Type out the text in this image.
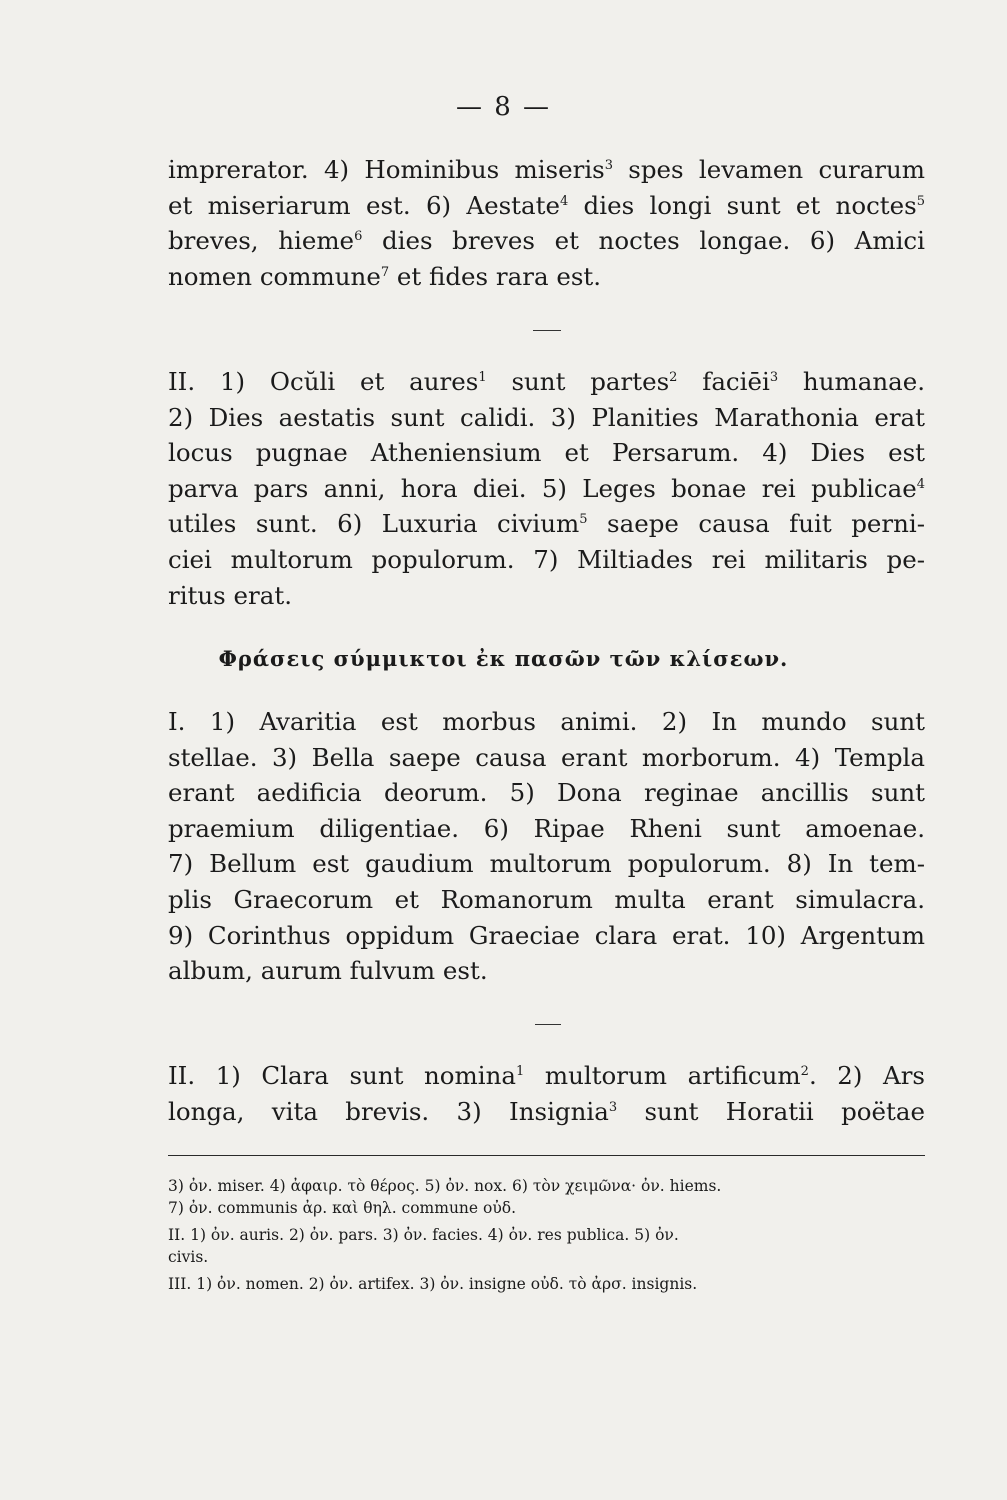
— 8 —
imprerator. 4) Hominibus miseris$^3$ spes levamen curarum
et miseriarum est. 6) Aestate$^4$ dies longi sunt et noctes$^5$
breves, hieme$^6$ dies breves et noctes longae. 6) Amici
nomen commune$^7$ et fides rara est.
II. 1) Ocŭli et aures$^1$ sunt partes$^2$ faciēi$^3$ humanae.
2) Dies aestatis sunt calidi. 3) Planities Marathonia erat
locus pugnae Atheniensium et Persarum. 4) Dies est
parva pars anni, hora diei. 5) Leges bonae rei publicae$^4$
utiles sunt. 6) Luxuria civium$^5$ saepe causa fuit perni-
ciei multorum populorum. 7) Miltiades rei militaris pe-
ritus erat.
Φράσεις σύμμικτοι ἐκ πασῶν τῶν κλίσεων.
I. 1) Avaritia est morbus animi. 2) In mundo sunt
stellae. 3) Bella saepe causa erant morborum. 4) Templa
erant aedificia deorum. 5) Dona reginae ancillis sunt
praemium diligentiae. 6) Ripae Rheni sunt amoenae.
7) Bellum est gaudium multorum populorum. 8) In tem-
plis Graecorum et Romanorum multa erant simulacra.
9) Corinthus oppidum Graeciae clara erat. 10) Argentum
album, aurum fulvum est.
II. 1) Clara sunt nomina$^1$ multorum artificum$^2$. 2) Ars
longa, vita brevis. 3) Insignia$^3$ sunt Horatii poëtae
3) ὀν. miser. 4) ἀφαιρ. τὸ θέρος. 5) ὀν. nox. 6) τὸν χειμῶνα· ὀν. hiems.
7) ὀν. communis ἀρ. καὶ θηλ. commune οὐδ.
II. 1) ὀν. auris. 2) ὀν. pars. 3) ὀν. facies. 4) ὀν. res publica. 5) ὀν.
civis.
III. 1) ὀν. nomen. 2) ὀν. artifex. 3) ὀν. insigne οὐδ. τὸ ἀρσ. insignis.
